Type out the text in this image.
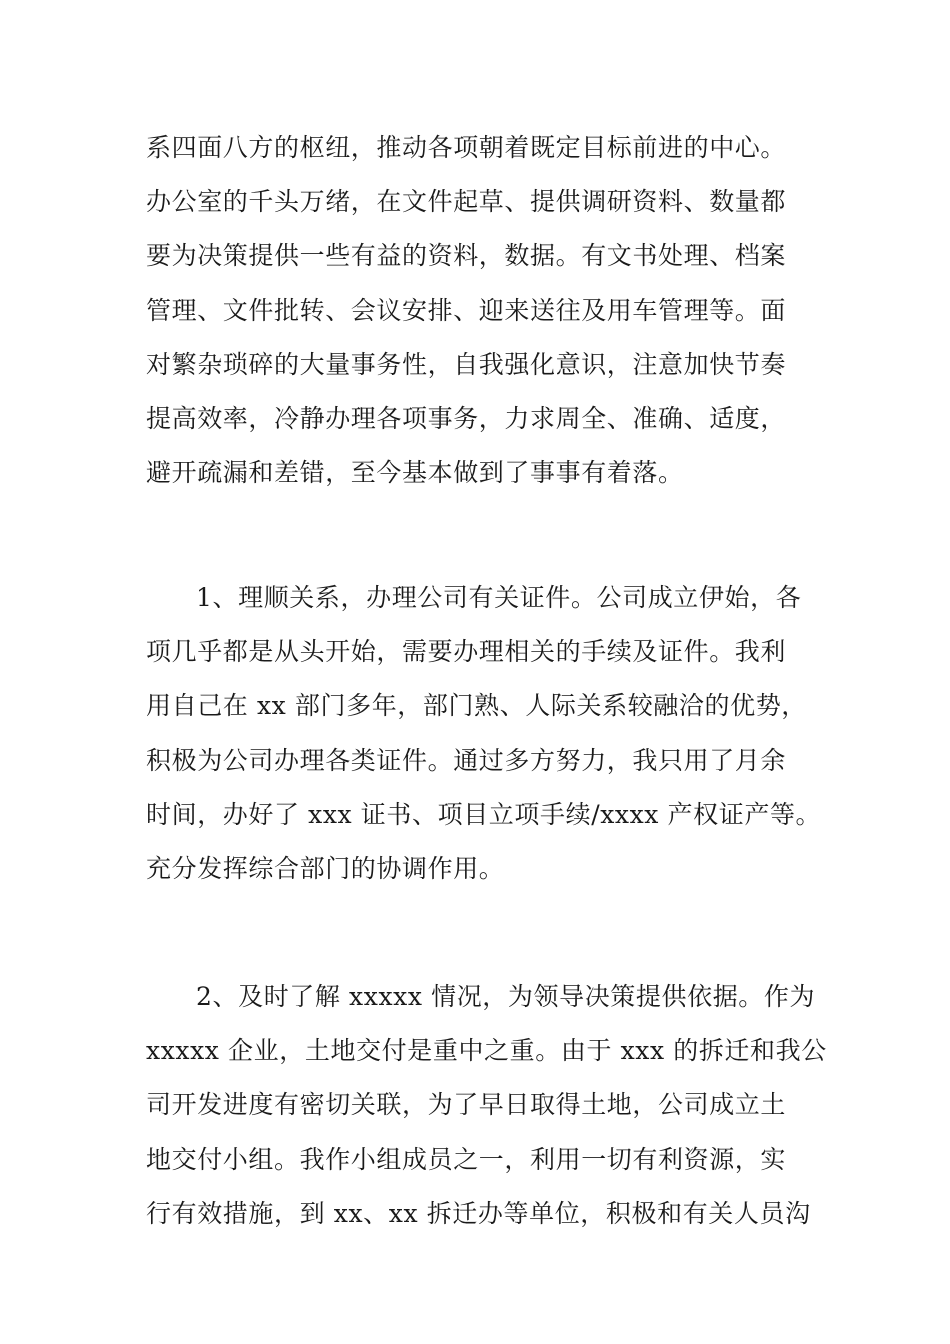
系四面八方的枢纽，推动各项朝着既定目标前进的中心。
办公室的千头万绪，在文件起草、提供调研资料、数量都
要为决策提供一些有益的资料，数据。有文书处理、档案
管理、文件批转、会议安排、迎来送往及用车管理等。面
对繁杂琐碎的大量事务性，自我强化意识，注意加快节奏
提高效率，冷静办理各项事务，力求周全、准确、适度，
避开疏漏和差错，至今基本做到了事事有着落。
1、理顺关系，办理公司有关证件。公司成立伊始，各
项几乎都是从头开始，需要办理相关的手续及证件。我利
用自己在 xx 部门多年，部门熟、人际关系较融洽的优势，
积极为公司办理各类证件。通过多方努力，我只用了月余
时间，办好了 xxx 证书、项目立项手续/xxxx 产权证产等。
充分发挥综合部门的协调作用。
2、及时了解 xxxxx 情况，为领导决策提供依据。作为
xxxxx 企业，土地交付是重中之重。由于 xxx 的拆迁和我公
司开发进度有密切关联，为了早日取得土地，公司成立土
地交付小组。我作小组成员之一，利用一切有利资源，实
行有效措施，到 xx、xx 拆迁办等单位，积极和有关人员沟
